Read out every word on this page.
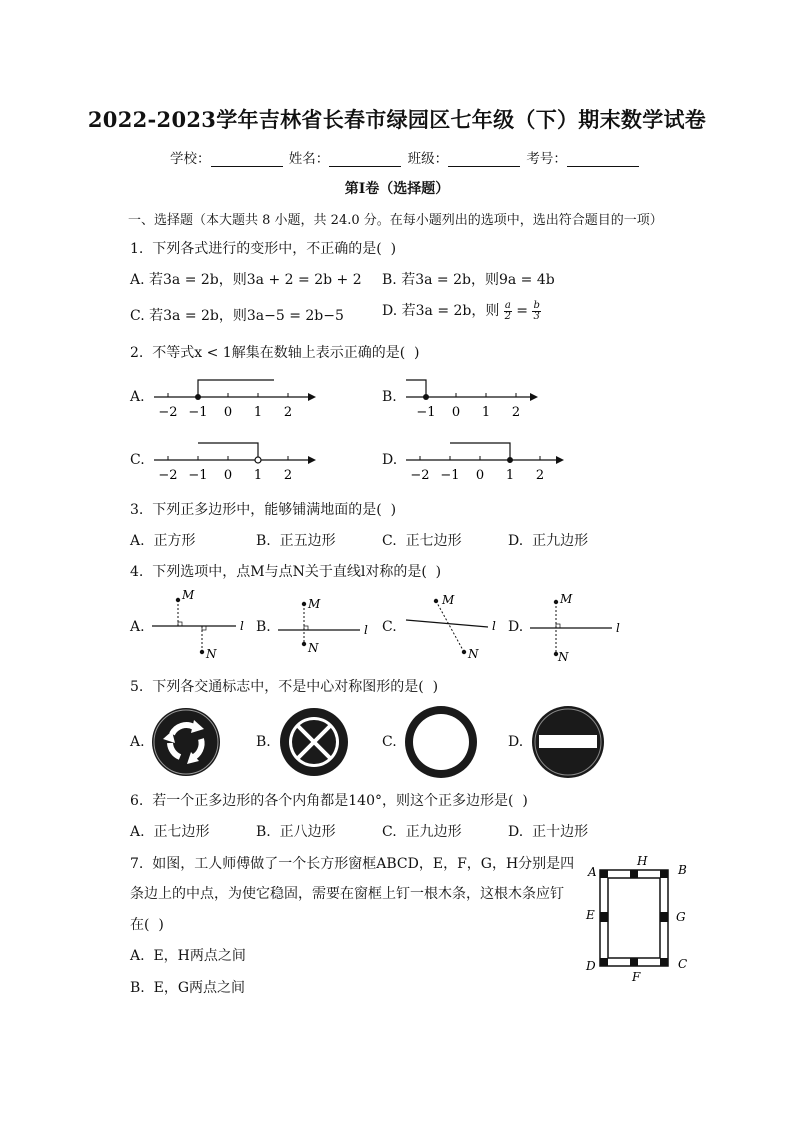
2022-2023学年吉林省长春市绿园区七年级（下）期末数学试卷
学校：	姓名：	班级：	考号：
第I卷（选择题）
一、选择题（本大题共 8 小题，共 24.0 分。在每小题列出的选项中，选出符合题目的一项）
1.  下列各式进行的变形中，不正确的是(  )
A. 若3a = 2b，则3a + 2 = 2b + 2 B. 若3a = 2b，则9a = 4b
C. 若3a = 2b，则3a−5 = 2b−5	D. 若3a = 2b，则 $\frac{a}{2} = \frac{b}{3}$
2.  不等式x < 1解集在数轴上表示正确的是(  )
A.
−2 −1 0 1 2
B.
−1 0 1 2
C.
−2 −1 0 1 2
D.
−2 −1 0 1 2
3.  下列正多边形中，能够铺满地面的是(  )
A.  正方形	B.  正五边形	C.  正七边形	D.  正九边形
4.  下列选项中，点M与点N关于直线l对称的是(  )
A.
M
N
l B.
M
N
l C.
M
N
l D.
M
N
l
5.  下列各交通标志中，不是中心对称图形的是(  )
A.	B.	C.	D.
6.  若一个正多边形的各个内角都是140°，则这个正多边形是(  )
A.  正七边形	B.  正八边形	C.  正九边形	D.  正十边形
7.  如图，工人师傅做了一个长方形窗框ABCD，E，F，G，H分别是四
条边上的中点，为使它稳固，需要在窗框上钉一根木条，这根木条应钉
在(  )
A.  E，H两点之间
B.  E，G两点之间
A	B
C
D
E
F
G
H
